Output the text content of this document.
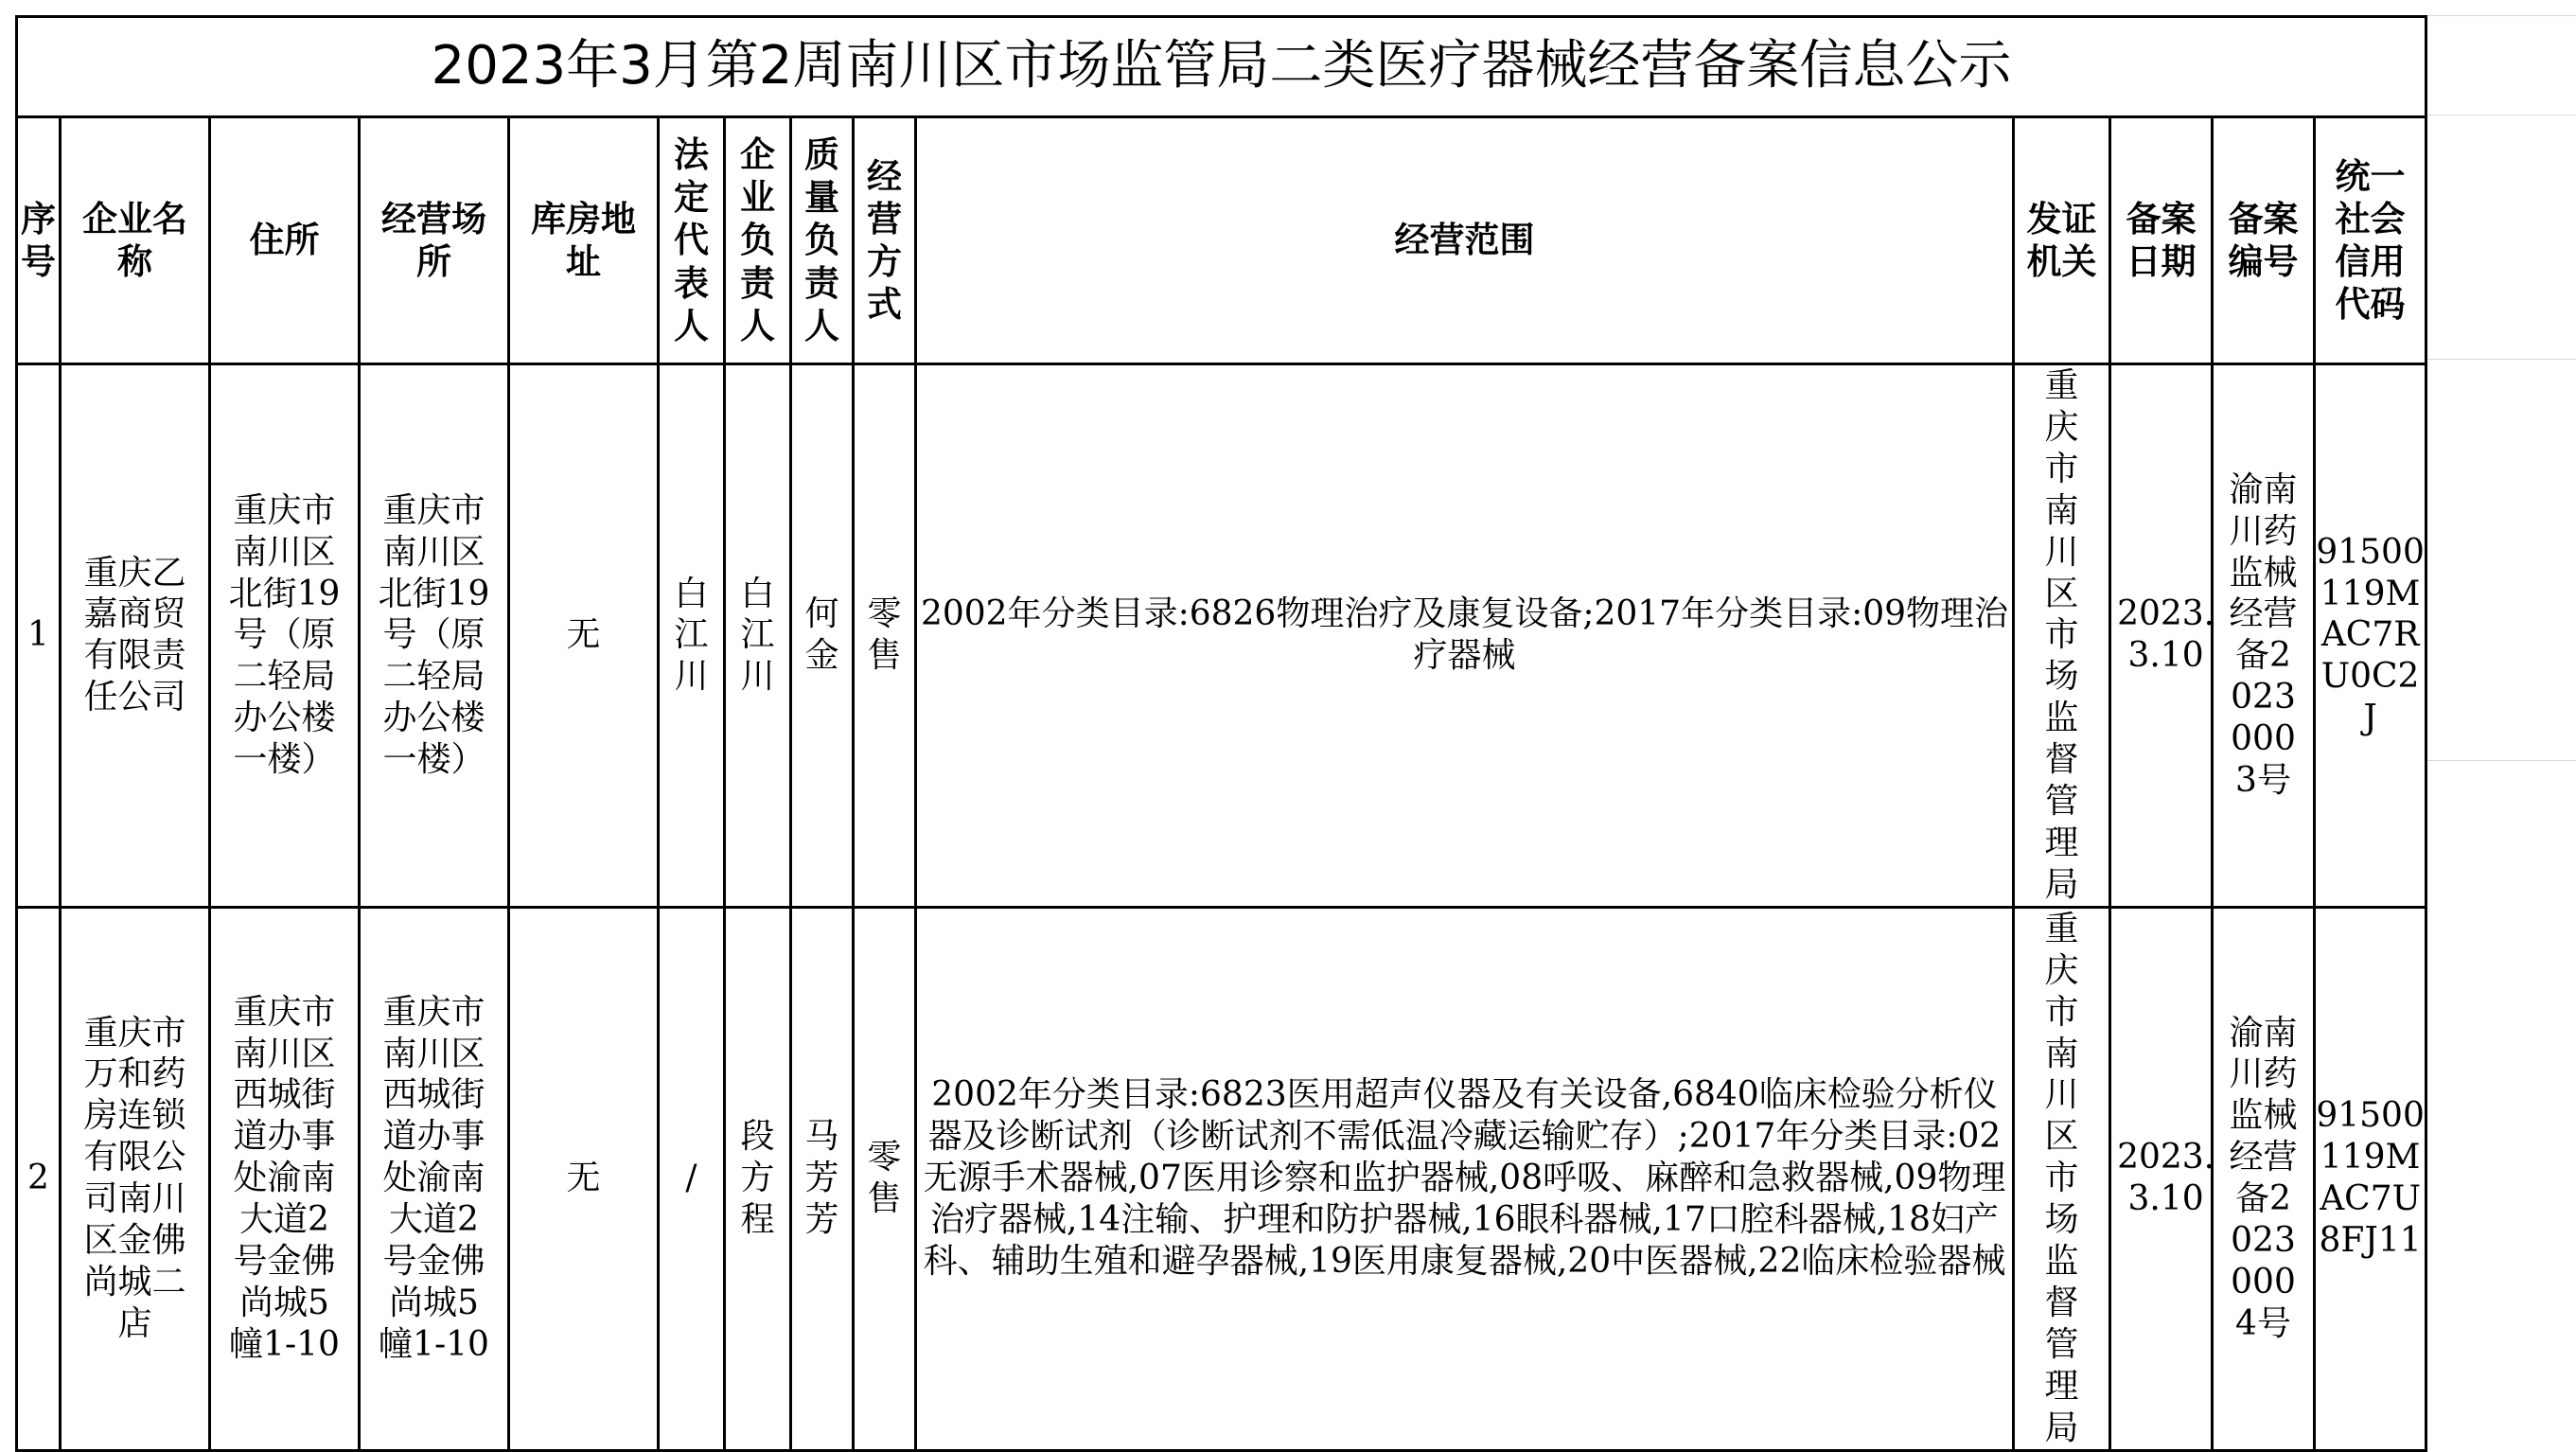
2023年3月第2周南川区市场监管局二类医疗器械经营备案信息公示													
序号	企业名称	住所	经营场所	库房地址	法定代表人	企业负责人	质量负责人	经营方式	经营范围	发证机关	备案日期	备案编号	统一社会信用代码
1	重庆乙嘉商贸有限责任公司	重庆市南川区北街19号（原二轻局办公楼一楼）	重庆市南川区北街19号（原二轻局办公楼一楼）	无	白江川	白江川	何金	零售	2002年分类目录:6826物理治疗及康复设备;2017年分类目录:09物理治疗器械	重庆市南川区市场监督管理局	2023.3.10	渝南川药监械经营备20230003号	91500119MAC7RU0C2J
2	重庆市万和药房连锁有限公司南川区金佛尚城二店	重庆市南川区西城街道办事处渝南大道2号金佛尚城5幢1-10	重庆市南川区西城街道办事处渝南大道2号金佛尚城5幢1-10	无	/	段方程	马芳芳	零售	2002年分类目录:6823医用超声仪器及有关设备,6840临床检验分析仪器及诊断试剂（诊断试剂不需低温冷藏运输贮存）;2017年分类目录:02无源手术器械,07医用诊察和监护器械,08呼吸、麻醉和急救器械,09物理治疗器械,14注输、护理和防护器械,16眼科器械,17口腔科器械,18妇产科、辅助生殖和避孕器械,19医用康复器械,20中医器械,22临床检验器械	重庆市南川区市场监督管理局	2023.3.10	渝南川药监械经营备20230004号	91500119MAC7U8FJ11
